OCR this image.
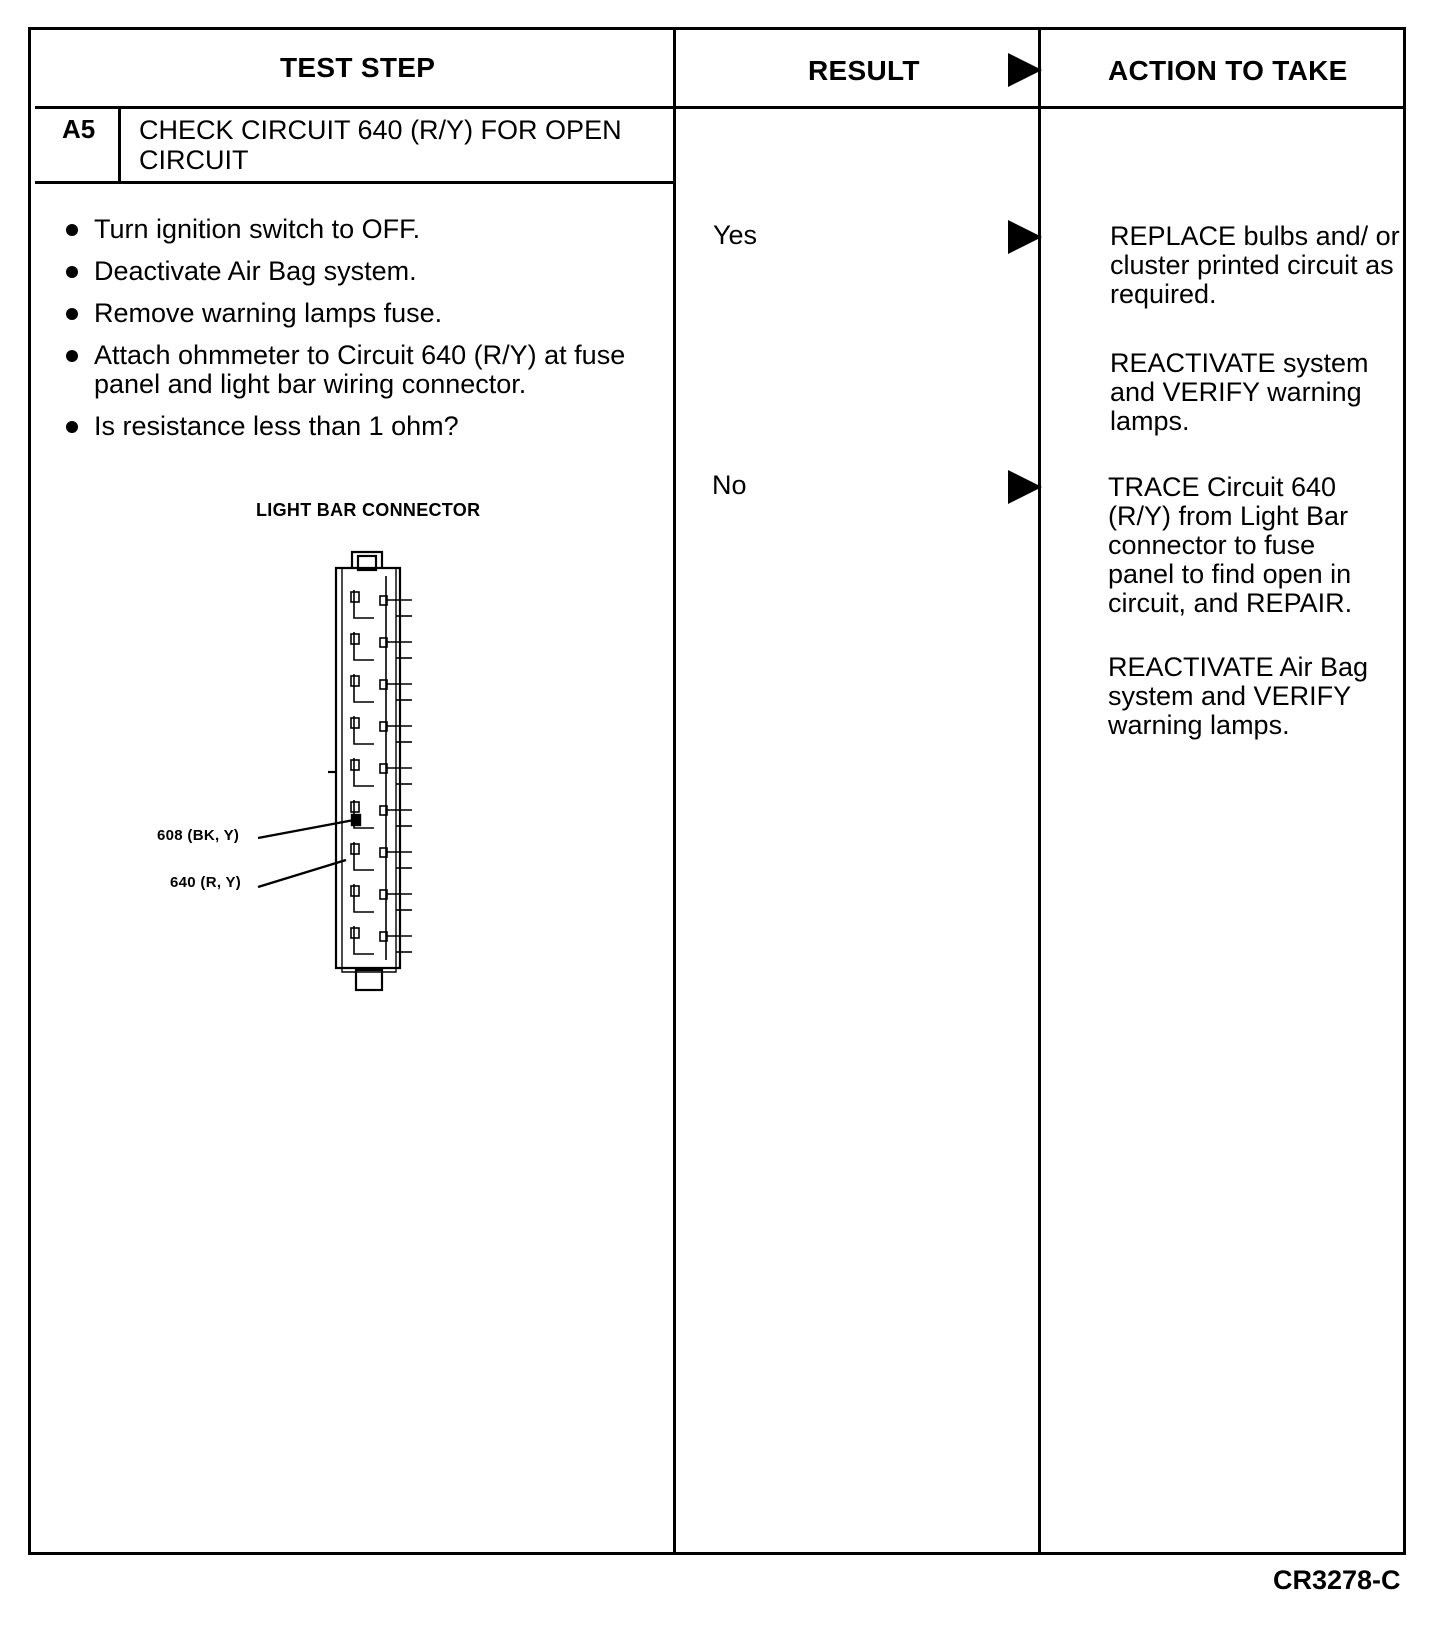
TEST STEP	RESULT	ACTION TO TAKE
A5 CHECK CIRCUIT 640 (R/Y) FOR OPEN
CIRCUIT
Turn ignition switch to OFF.
Deactivate Air Bag system.
Remove warning lamps fuse.
Attach ohmmeter to Circuit 640 (R/Y) at fuse panel and light bar wiring connector.
Is resistance less than 1 ohm?
LIGHT BAR CONNECTOR
608 (BK, Y)
640 (R, Y)
Yes
No
REPLACE bulbs and/ or cluster printed circuit as required.
REACTIVATE system and VERIFY warning lamps.
TRACE Circuit 640 (R/Y) from Light Bar connector to fuse panel to find open in circuit, and REPAIR.
REACTIVATE Air Bag system and VERIFY warning lamps.
CR3278-C
